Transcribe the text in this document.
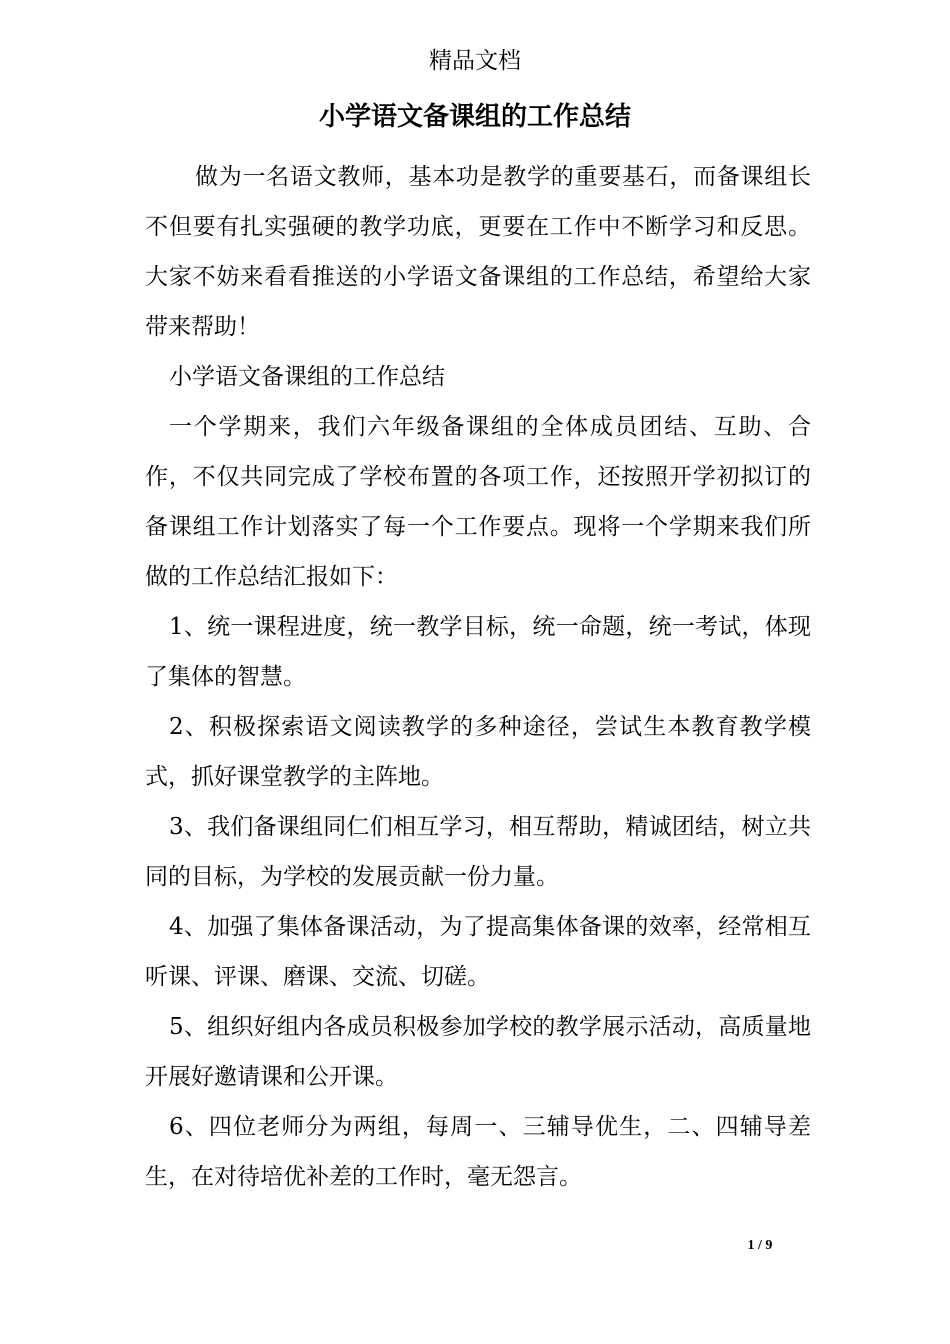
精品文档
小学语文备课组的工作总结

做为一名语文教师，基本功是教学的重要基石，而备课组长不但要有扎实强硬的教学功底，更要在工作中不断学习和反思。大家不妨来看看推送的小学语文备课组的工作总结，希望给大家带来帮助！

小学语文备课组的工作总结

一个学期来，我们六年级备课组的全体成员团结、互助、合作，不仅共同完成了学校布置的各项工作，还按照开学初拟订的备课组工作计划落实了每一个工作要点。现将一个学期来我们所做的工作总结汇报如下：

1、统一课程进度，统一教学目标，统一命题，统一考试，体现了集体的智慧。

2、积极探索语文阅读教学的多种途径，尝试生本教育教学模式，抓好课堂教学的主阵地。

3、我们备课组同仁们相互学习，相互帮助，精诚团结，树立共同的目标，为学校的发展贡献一份力量。

4、加强了集体备课活动，为了提高集体备课的效率，经常相互听课、评课、磨课、交流、切磋。

5、组织好组内各成员积极参加学校的教学展示活动，高质量地开展好邀请课和公开课。

6、四位老师分为两组，每周一、三辅导优生，二、四辅导差生，在对待培优补差的工作时，毫无怨言。

1 / 9
